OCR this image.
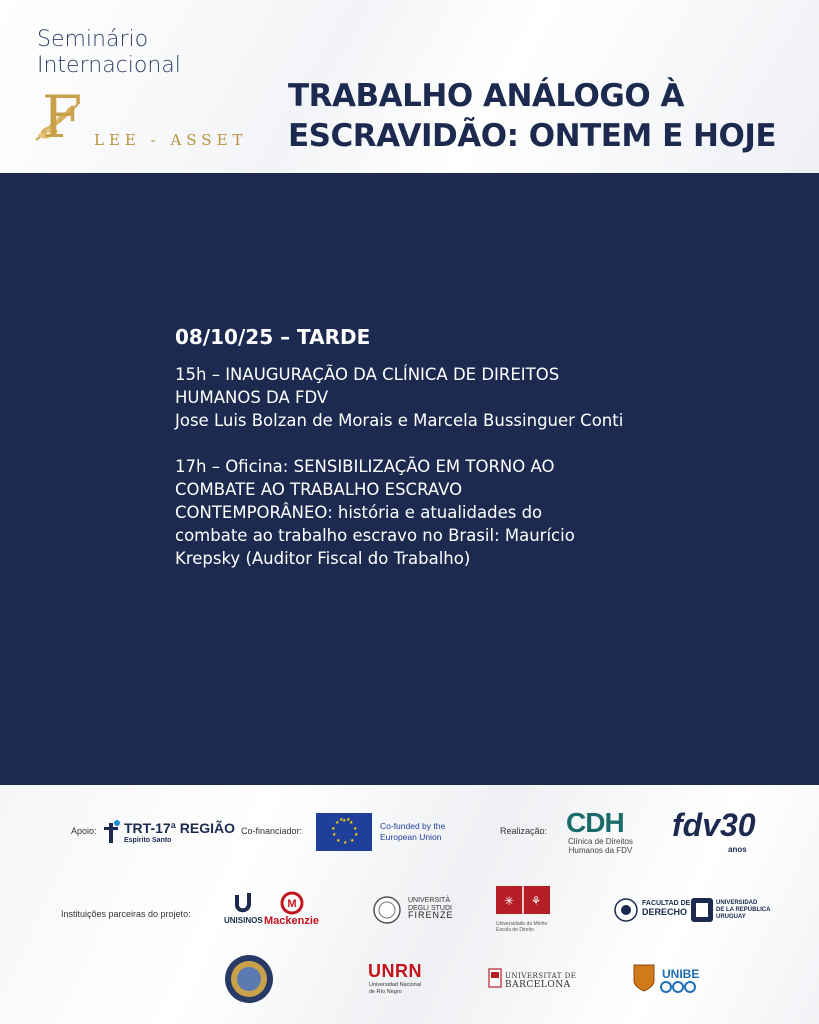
Seminário
Internacional
F LEE - ASSET
TRABALHO ANÁLOGO À
ESCRAVIDÃO: ONTEM E HOJE
08/10/25 – TARDE

15h – INAUGURAÇÃO DA CLÍNICA DE DIREITOS

HUMANOS DA FDV

Jose Luis Bolzan de Morais e Marcela Bussinguer Conti

17h – Oficina: SENSIBILIZAÇÃO EM TORNO AO

COMBATE AO TRABALHO ESCRAVO

CONTEMPORÂNEO: história e atualidades do

combate ao trabalho escravo no Brasil: Maurício

Krepsky (Auditor Fiscal do Trabalho)

Apoio: TRT-17ª REGIÃO
Espírito Santo
Co-financiador:
★ ★
★
★
★
★
★
★
★
★ ★ ★
Co-funded by the
European Union
Realização: CDH
Clínica de Direitos
Humanos da FDV
fdv30
anos
Instituições parceiras do projeto:
UNISINOS
M
Mackenzie
UNIVERSITÀ
DEGLI STUDI
FIRENZE
✳ ⚘
Universidade do Minho
Escola de Direito
FACULTAD DE
DERECHO
UNIVERSIDAD
DE LA REPÚBLICA
URUGUAY
UNRN
Universidad Nacional
de Río Negro
UNIVERSITAT DE
BARCELONA
UNIBE
